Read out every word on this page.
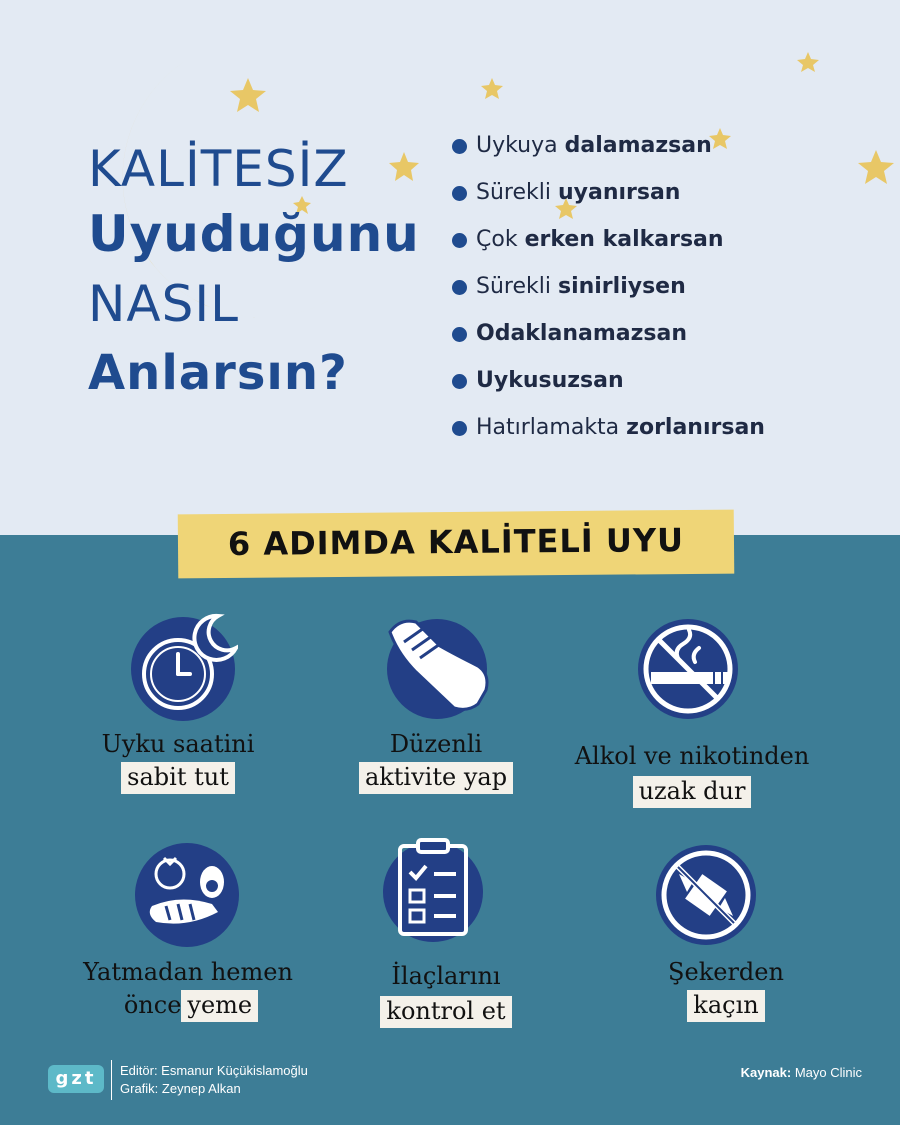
KALİTESİZ
Uyuduğunu
NASIL
Anlarsın?
Uykuya dalamazsan
Sürekli uyanırsan
Çok erken kalkarsan
Sürekli sinirliysen
Odaklanamazsan
Uykusuzsan
Hatırlamakta zorlanırsan
6 ADIMDA KALİTELİ UYU
Uyku saatini
sabit tut
Düzenli
aktivite yap
Alkol ve nikotinden
uzak dur
Yatmadan hemen
önceyeme
İlaçlarını
kontrol et
Şekerden
kaçın
gzt	Editör: Esmanur Küçükislamoğlu
Grafik: Zeynep Alkan
Kaynak: Mayo Clinic
